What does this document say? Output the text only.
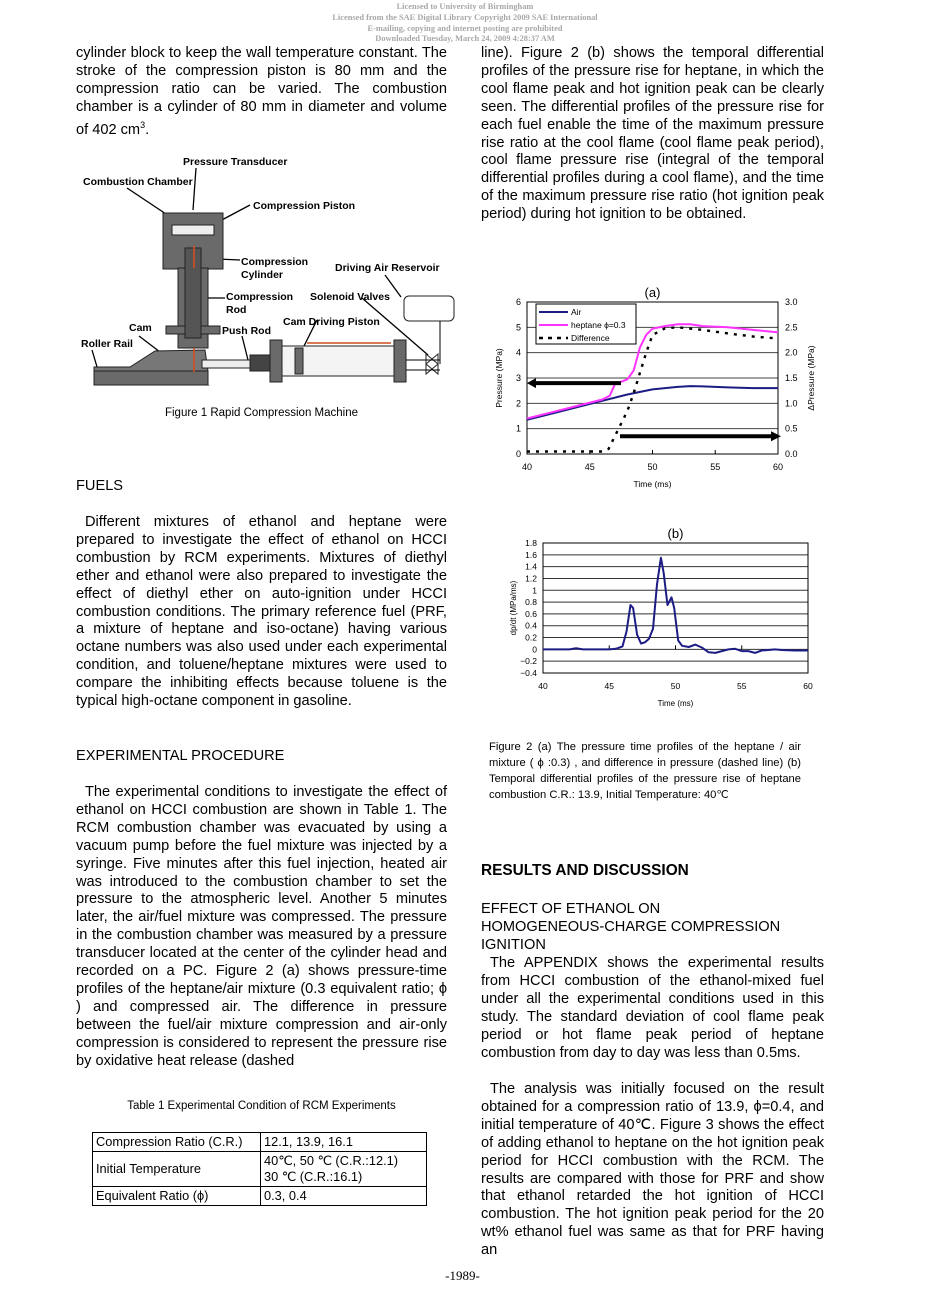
Licensed to University of Birmingham
Licensed from the SAE Digital Library Copyright 2009 SAE International
E-mailing, copying and internet posting are prohibited
Downloaded Tuesday, March 24, 2009 4:28:37 AM

cylinder block to keep the wall temperature constant. The stroke of the compression piston is 80 mm and the compression ratio can be varied. The combustion chamber is a cylinder of 80 mm in diameter and volume of 402 $cm^3$.

Pressure Transducer
Combustion Chamber
Compression Piston
Compression
Cylinder
Driving Air Reservoir
Compression
Rod
Solenoid Valves
Cam Driving Piston
Cam	Push Rod
Roller Rail
Figure 1 Rapid Compression Machine
FUELS
Different mixtures of ethanol and heptane were prepared to investigate the effect of ethanol on HCCI combustion by RCM experiments. Mixtures of diethyl ether and ethanol were also prepared to investigate the effect of diethyl ether on auto-ignition under HCCI combustion conditions. The primary reference fuel (PRF, a mixture of heptane and iso-octane) having various octane numbers was also used under each experimental condition, and toluene/heptane mixtures were used to compare the inhibiting effects because toluene is the typical high-octane component in gasoline.
EXPERIMENTAL PROCEDURE
The experimental conditions to investigate the effect of ethanol on HCCI combustion are shown in Table 1. The RCM combustion chamber was evacuated by using a vacuum pump before the fuel mixture was injected by a syringe. Five minutes after this fuel injection, heated air was introduced to the combustion chamber to set the pressure to the atmospheric level. Another 5 minutes later, the air/fuel mixture was compressed. The pressure in the combustion chamber was measured by a pressure transducer located at the center of the cylinder head and recorded on a PC. Figure 2 (a) shows pressure-time profiles of the heptane/air mixture (0.3 equivalent ratio; ϕ ) and compressed air. The difference in pressure between the fuel/air mixture compression and air-only compression is considered to represent the pressure rise by oxidative heat release (dashed
Table 1 Experimental Condition of RCM Experiments
Compression Ratio (C.R.)	12.1, 13.9, 16.1
Initial Temperature	40℃, 50 ℃ (C.R.:12.1)
30 ℃ (C.R.:16.1)

Equivalent Ratio (ϕ)	0.3, 0.4
line). Figure 2 (b) shows the temporal differential profiles of the pressure rise for heptane, in which the cool flame peak and hot ignition peak can be clearly seen. The differential profiles of the pressure rise for each fuel enable the time of the maximum pressure rise ratio at the cool flame (cool flame peak period), cool flame pressure rise (integral of the temporal differential profiles during a cool flame), and the time of the maximum pressure rise ratio (hot ignition peak period) during hot ignition to be obtained.
(a)
0
1
2
3
4
5
6
0.0
0.5
1.0
1.5
2.0
2.5
3.0
40	45	50	55	60
Time (ms)
Pressure (MPa)	ΔPressure (MPa)
Air
heptane ϕ=0.3
Difference
(b)
−0.4
−0.2
0
0.2
0.4
0.6
0.8
1
1.2
1.4
1.6
1.8
40	45	50	55	60
Time (ms)
dp/dt (MPa/ms)
Figure 2 (a) The pressure time profiles of the heptane / air mixture ( ϕ :0.3) , and difference in pressure (dashed line) (b) Temporal differential profiles of the pressure rise of heptane combustion C.R.: 13.9, Initial Temperature: 40℃
RESULTS AND DISCUSSION
EFFECT OF ETHANOL ON HOMOGENEOUS-CHARGE COMPRESSION IGNITION
The APPENDIX shows the experimental results from HCCI combustion of the ethanol-mixed fuel under all the experimental conditions used in this study. The standard deviation of cool flame peak period or hot flame peak period of heptane combustion from day to day was less than 0.5ms.
The analysis was initially focused on the result obtained for a compression ratio of 13.9, ϕ=0.4, and initial temperature of 40℃. Figure 3 shows the effect of adding ethanol to heptane on the hot ignition peak period for HCCI combustion with the RCM. The results are compared with those for PRF and show that ethanol retarded the hot ignition of HCCI combustion. The hot ignition peak period for the 20 wt% ethanol fuel was same as that for PRF having an
-1989-
